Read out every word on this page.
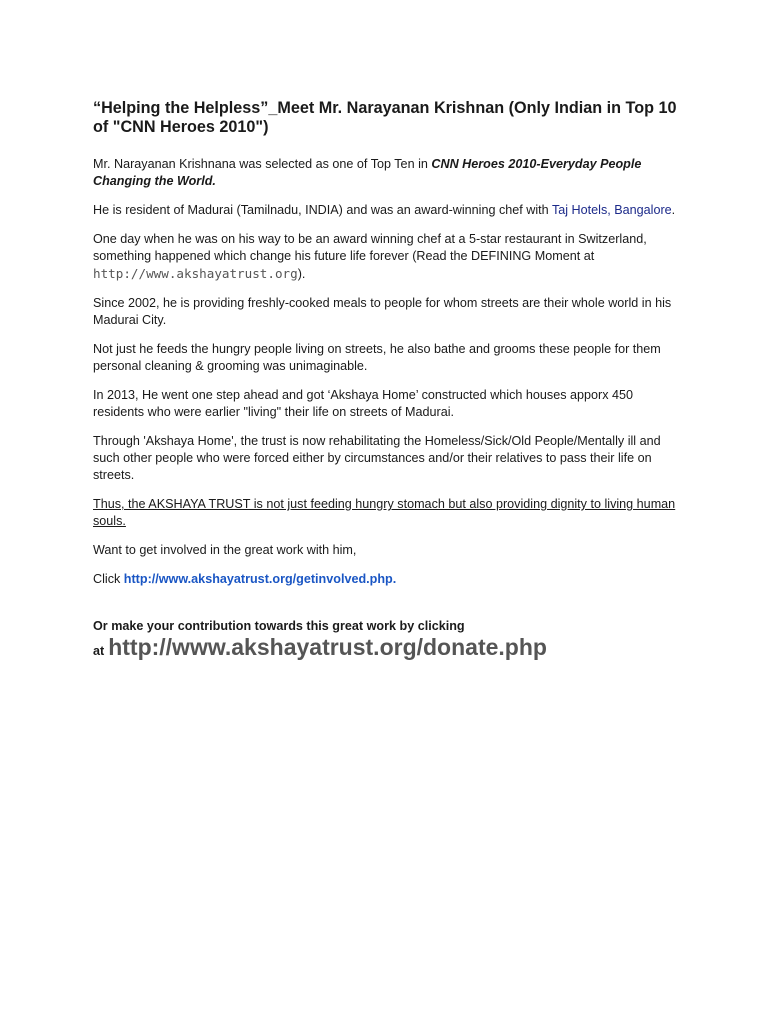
“Helping the Helpless”_Meet Mr. Narayanan Krishnan (Only Indian in Top 10 of "CNN Heroes 2010")

Mr. Narayanan Krishnana was selected as one of Top Ten in CNN Heroes 2010-Everyday People Changing the World.

He is resident of Madurai (Tamilnadu, INDIA) and was an award-winning chef with Taj Hotels, Bangalore.

One day when he was on his way to be an award winning chef at a 5-star restaurant in Switzerland, something happened which change his future life forever (Read the DEFINING Moment at http://www.akshayatrust.org).

Since 2002, he is providing freshly-cooked meals to people for whom streets are their whole world in his Madurai City.

Not just he feeds the hungry people living on streets, he also bathe and grooms these people for them personal cleaning & grooming was unimaginable.

In 2013, He went one step ahead and got ‘Akshaya Home’ constructed which houses apporx 450 residents who were earlier "living" their life on streets of Madurai.

Through 'Akshaya Home', the trust is now rehabilitating the Homeless/Sick/Old People/Mentally ill and such other people who were forced either by circumstances and/or their relatives to pass their life on streets.

Thus, the AKSHAYA TRUST is not just feeding hungry stomach but also providing dignity to living human souls.

Want to get involved in the great work with him,

Click http://www.akshayatrust.org/getinvolved.php.

Or make your contribution towards this great work by clicking

at http://www.akshayatrust.org/donate.php
